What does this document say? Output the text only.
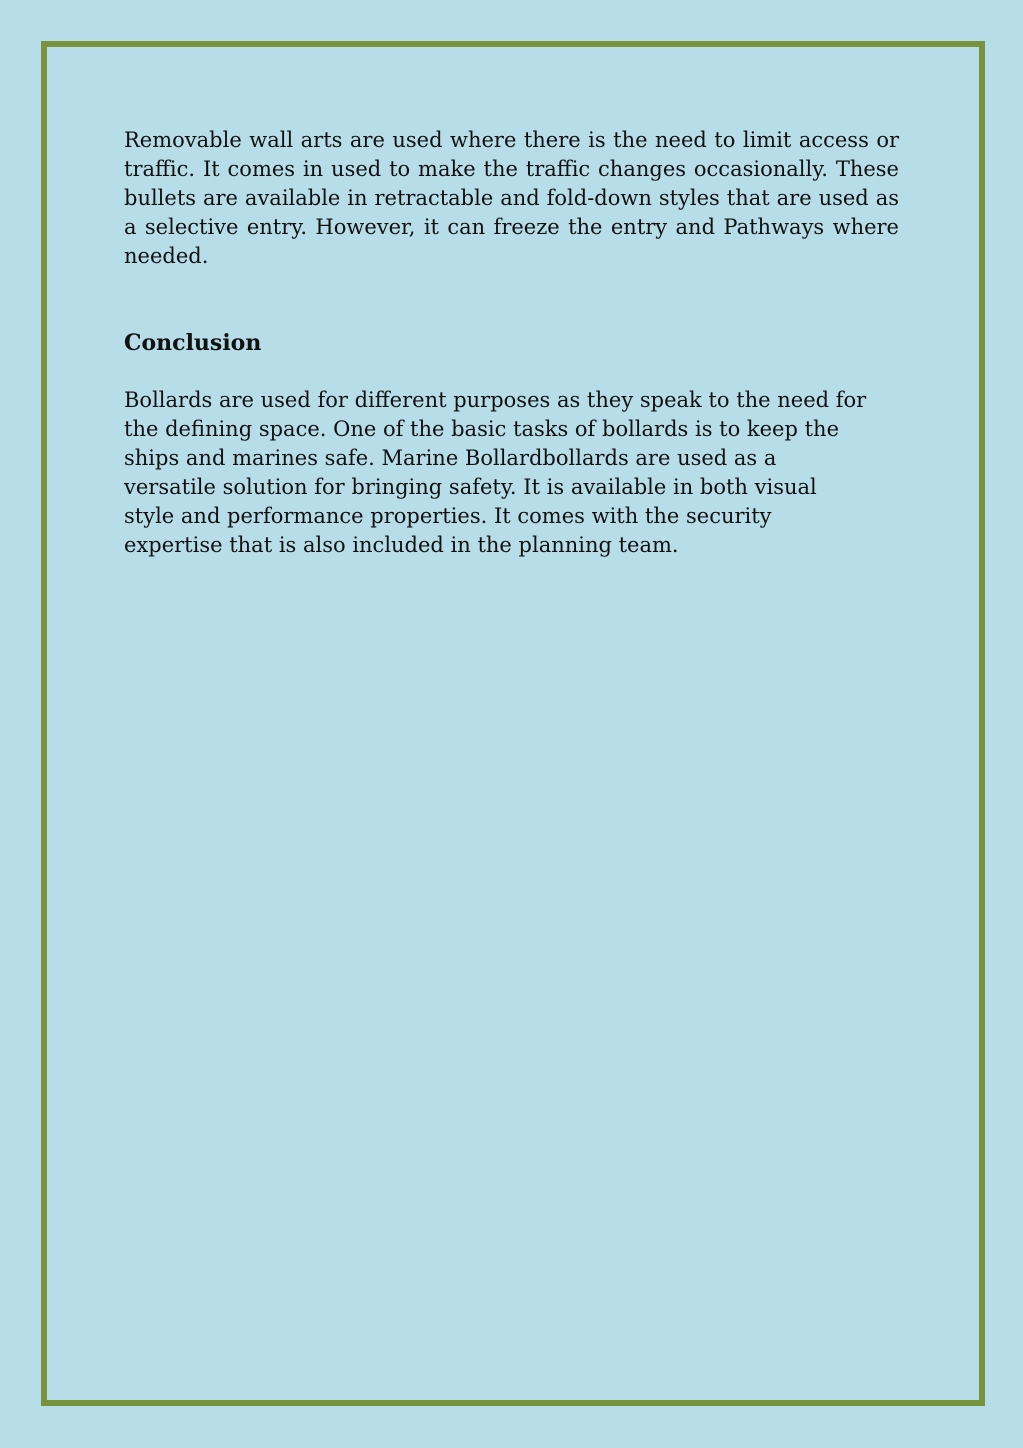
Removable wall arts are used where there is the need to limit access or traffic. It comes in used to make the traffic changes occasionally. These bullets are available in retractable and fold-down styles that are used as a selective entry. However, it can freeze the entry and Pathways where needed.

Conclusion

Bollards are used for different purposes as they speak to the need for the defining space. One of the basic tasks of bollards is to keep the ships and marines safe. Marine Bollardbollards are used as a versatile solution for bringing safety. It is available in both visual style and performance properties. It comes with the security expertise that is also included in the planning team.
